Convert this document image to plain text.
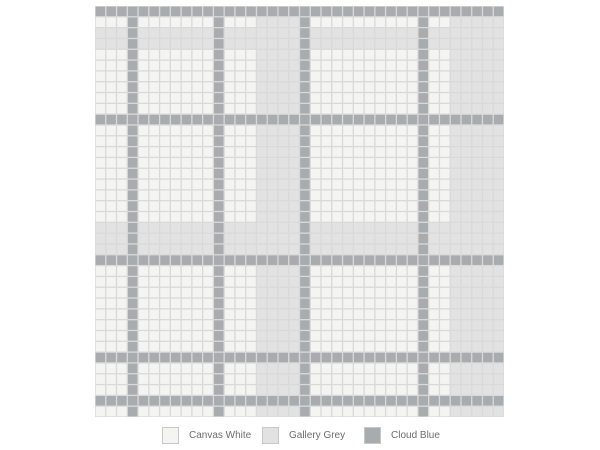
Canvas White	Gallery Grey	Cloud Blue
